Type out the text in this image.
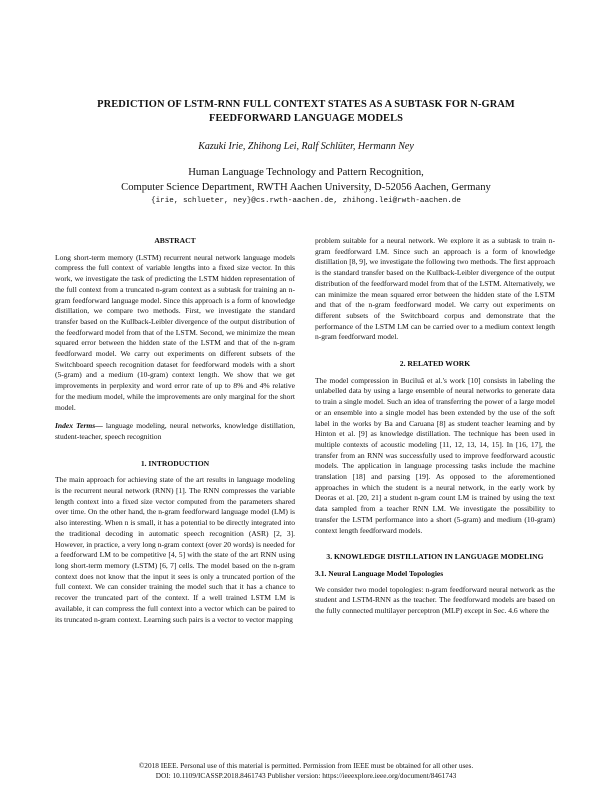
PREDICTION OF LSTM-RNN FULL CONTEXT STATES AS A SUBTASK FOR N-GRAM
FEEDFORWARD LANGUAGE MODELS
Kazuki Irie, Zhihong Lei, Ralf Schlüter, Hermann Ney
Human Language Technology and Pattern Recognition,
Computer Science Department, RWTH Aachen University, D-52056 Aachen, Germany
{irie, schlueter, ney}@cs.rwth-aachen.de, zhihong.lei@rwth-aachen.de
ABSTRACT

Long short-term memory (LSTM) recurrent neural network language models compress the full context of variable lengths into a fixed size vector. In this work, we investigate the task of predicting the LSTM hidden representation of the full context from a truncated n-gram context as a subtask for training an n-gram feedforward language model. Since this approach is a form of knowledge distillation, we compare two methods. First, we investigate the standard transfer based on the Kullback-Leibler divergence of the output distribution of the feedforward model from that of the LSTM. Second, we minimize the mean squared error between the hidden state of the LSTM and that of the n-gram feedforward model. We carry out experiments on different subsets of the Switchboard speech recognition dataset for feedforward models with a short (5-gram) and a medium (10-gram) context length. We show that we get improvements in perplexity and word error rate of up to 8% and 4% relative for the medium model, while the improvements are only marginal for the short model.

Index Terms— language modeling, neural networks, knowledge distillation, student-teacher, speech recognition

1. INTRODUCTION

The main approach for achieving state of the art results in language modeling is the recurrent neural network (RNN) [1]. The RNN compresses the variable length context into a fixed size vector computed from the parameters shared over time. On the other hand, the n-gram feedforward language model (LM) is also interesting. When n is small, it has a potential to be directly integrated into the traditional decoding in automatic speech recognition (ASR) [2, 3]. However, in practice, a very long n-gram context (over 20 words) is needed for a feedforward LM to be competitive [4, 5] with the state of the art RNN using long short-term memory (LSTM) [6, 7] cells. The model based on the n-gram context does not know that the input it sees is only a truncated portion of the full context. We can consider training the model such that it has a chance to recover the truncated part of the context. If a well trained LSTM LM is available, it can compress the full context into a vector which can be paired to its truncated n-gram context. Learning such pairs is a vector to vector mapping

problem suitable for a neural network. We explore it as a subtask to train n-gram feedforward LM. Since such an approach is a form of knowledge distillation [8, 9], we investigate the following two methods. The first approach is the standard transfer based on the Kullback-Leibler divergence of the output distribution of the feedforward model from that of the LSTM. Alternatively, we can minimize the mean squared error between the hidden state of the LSTM and that of the n-gram feedforward model. We carry out experiments on different subsets of the Switchboard corpus and demonstrate that the performance of the LSTM LM can be carried over to a medium context length n-gram feedforward model.

2. RELATED WORK

The model compression in Buciluă et al.'s work [10] consists in labeling the unlabelled data by using a large ensemble of neural networks to generate data to train a single model. Such an idea of transferring the power of a large model or an ensemble into a single model has been extended by the use of the soft label in the works by Ba and Caruana [8] as student teacher learning and by Hinton et al. [9] as knowledge distillation. The technique has been used in multiple contexts of acoustic modeling [11, 12, 13, 14, 15]. In [16, 17], the transfer from an RNN was successfully used to improve feedforward acoustic models. The application in language processing tasks include the machine translation [18] and parsing [19]. As opposed to the aforementioned approaches in which the student is a neural network, in the early work by Deoras et al. [20, 21] a student n-gram count LM is trained by using the text data sampled from a teacher RNN LM. We investigate the possibility to transfer the LSTM performance into a short (5-gram) and medium (10-gram) context length feedforward models.

3. KNOWLEDGE DISTILLATION IN LANGUAGE MODELING
3.1. Neural Language Model Topologies

We consider two model topologies: n-gram feedforward neural network as the student and LSTM-RNN as the teacher. The feedforward models are based on the fully connected multilayer perceptron (MLP) except in Sec. 4.6 where the

©2018 IEEE. Personal use of this material is permitted. Permission from IEEE must be obtained for all other uses.
DOI: 10.1109/ICASSP.2018.8461743 Publisher version: https://ieeexplore.ieee.org/document/8461743
